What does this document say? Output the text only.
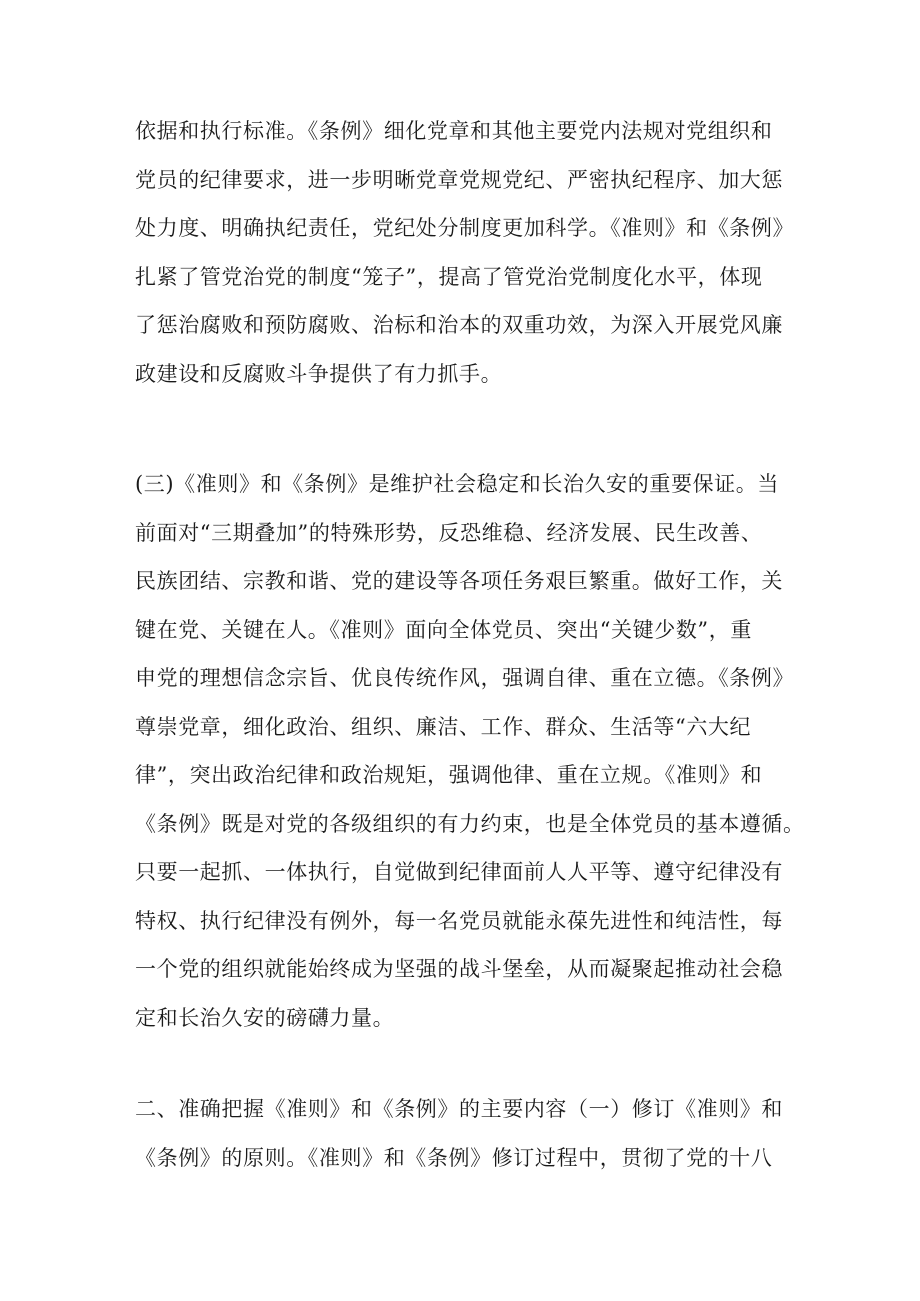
依据和执行标准。《条例》细化党章和其他主要党内法规对党组织和
党员的纪律要求，进一步明晰党章党规党纪、严密执纪程序、加大惩
处力度、明确执纪责任，党纪处分制度更加科学。《准则》和《条例》
扎紧了管党治党的制度“笼子”，提高了管党治党制度化水平，体现
了惩治腐败和预防腐败、治标和治本的双重功效，为深入开展党风廉
政建设和反腐败斗争提供了有力抓手。
(三)《准则》和《条例》是维护社会稳定和长治久安的重要保证。当
前面对“三期叠加”的特殊形势，反恐维稳、经济发展、民生改善、
民族团结、宗教和谐、党的建设等各项任务艰巨繁重。做好工作，关
键在党、关键在人。《准则》面向全体党员、突出“关键少数”，重
申党的理想信念宗旨、优良传统作风，强调自律、重在立德。《条例》
尊崇党章，细化政治、组织、廉洁、工作、群众、生活等“六大纪
律”，突出政治纪律和政治规矩，强调他律、重在立规。《准则》和
《条例》既是对党的各级组织的有力约束，也是全体党员的基本遵循。
只要一起抓、一体执行，自觉做到纪律面前人人平等、遵守纪律没有
特权、执行纪律没有例外，每一名党员就能永葆先进性和纯洁性，每
一个党的组织就能始终成为坚强的战斗堡垒，从而凝聚起推动社会稳
定和长治久安的磅礴力量。
二、准确把握《准则》和《条例》的主要内容（一）修订《准则》和
《条例》的原则。《准则》和《条例》修订过程中，贯彻了党的十八
